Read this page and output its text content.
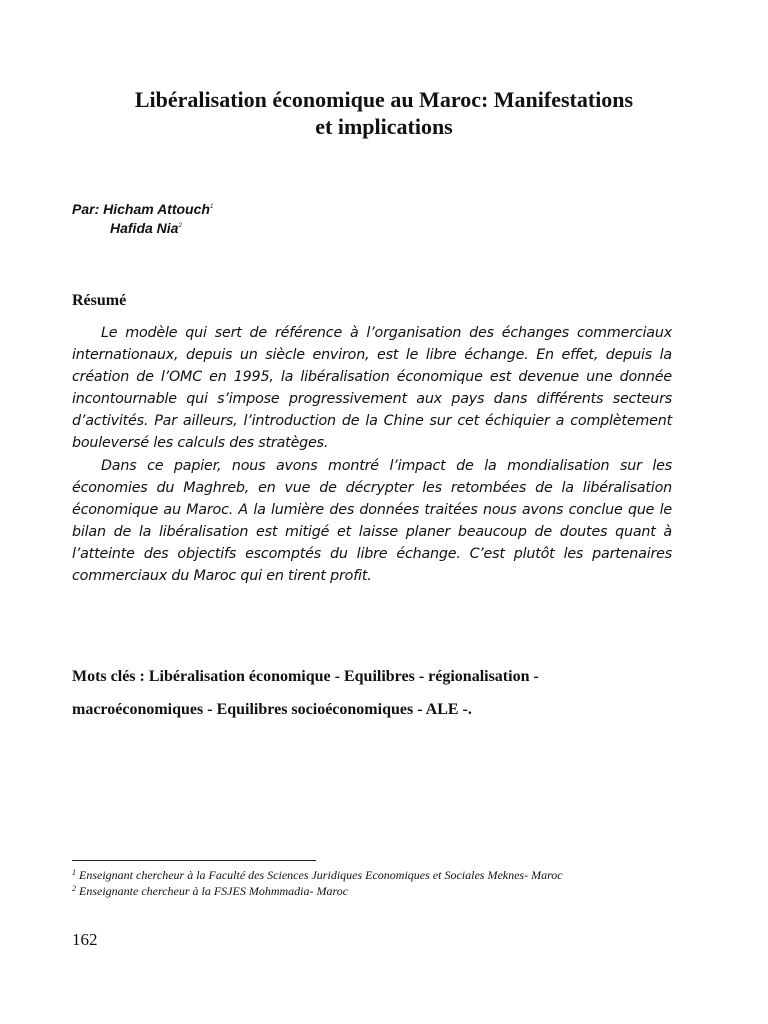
Libéralisation économique au Maroc: Manifestations
et implications
Par: Hicham Attouch$^1$
Hafida Nia$^2$
Résumé

Le modèle qui sert de référence à l’organisation des échanges commerciaux internationaux, depuis un siècle environ, est le libre échange. En effet, depuis la création de l’OMC en 1995, la libéralisation économique est devenue une donnée incontournable qui s’impose progressivement aux pays dans différents secteurs d’activités. Par ailleurs, l’introduction de la Chine sur cet échiquier a complètement bouleversé les calculs des stratèges.

Dans ce papier, nous avons montré l’impact de la mondialisation sur les économies du Maghreb, en vue de décrypter les retombées de la libéralisation économique au Maroc. A la lumière des données traitées nous avons conclue que le bilan de la libéralisation est mitigé et laisse planer beaucoup de doutes quant à l’atteinte des objectifs escomptés du libre échange. C’est plutôt les partenaires commerciaux du Maroc qui en tirent profit.

Mots clés : Libéralisation économique - Equilibres - régionalisation -
macroéconomiques - Equilibres socioéconomiques - ALE -.
$^1$ Enseignant chercheur à la Faculté des Sciences Juridiques Economiques et Sociales Meknes- Maroc
$^2$ Enseignante chercheur à la FSJES Mohmmadia- Maroc
162
